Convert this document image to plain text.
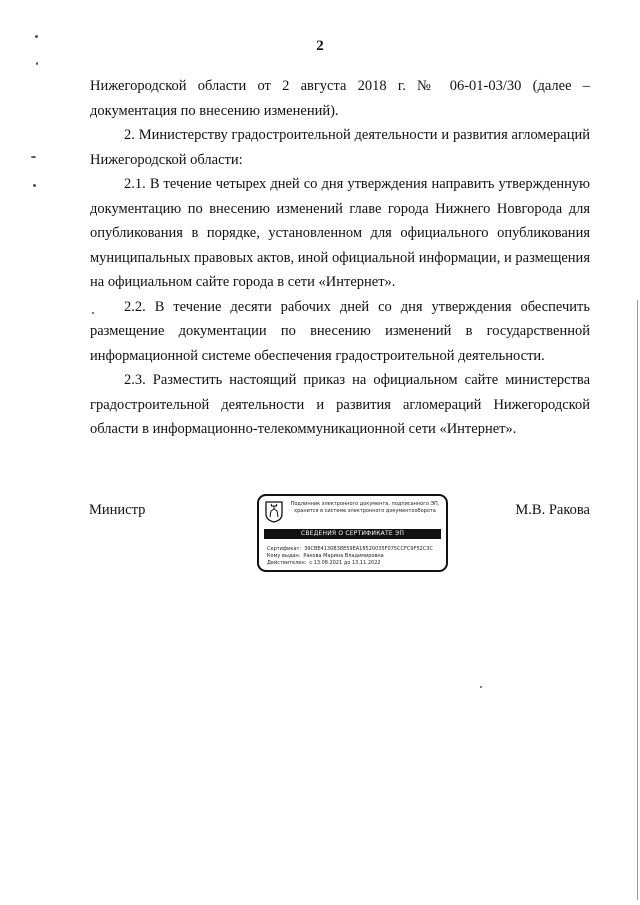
2

Нижегородской области от 2 августа 2018 г. № 06-01-03/30 (далее – документация по внесению изменений).

2. Министерству градостроительной деятельности и развития агломераций Нижегородской области:

2.1. В течение четырех дней со дня утверждения направить утвержденную документацию по внесению изменений главе города Нижнего Новгорода для опубликования в порядке, установленном для официального опубликования муниципальных правовых актов, иной официальной информации, и размещения на официальном сайте города в сети «Интернет».

2.2. В течение десяти рабочих дней со дня утверждения обеспечить размещение документации по внесению изменений в государственной информационной системе обеспечения градостроительной деятельности.

2.3. Разместить настоящий приказ на официальном сайте министерства градостроительной деятельности и развития агломераций Нижегородской области в информационно-телекоммуникационной сети «Интернет».

Министр	М.В. Ракова
Подлинник электронного документа, подписанного ЭП,
хранится в системе электронного документооборота
СВЕДЕНИЯ О СЕРТИФИКАТЕ ЭП
Сертификат: 39CBE4130B38E59EA18520035F075CCFC9F52C3C
Кому выдан: Ракова Марина Владимировна
Действителен: с 13.08.2021 до 13.11.2022
